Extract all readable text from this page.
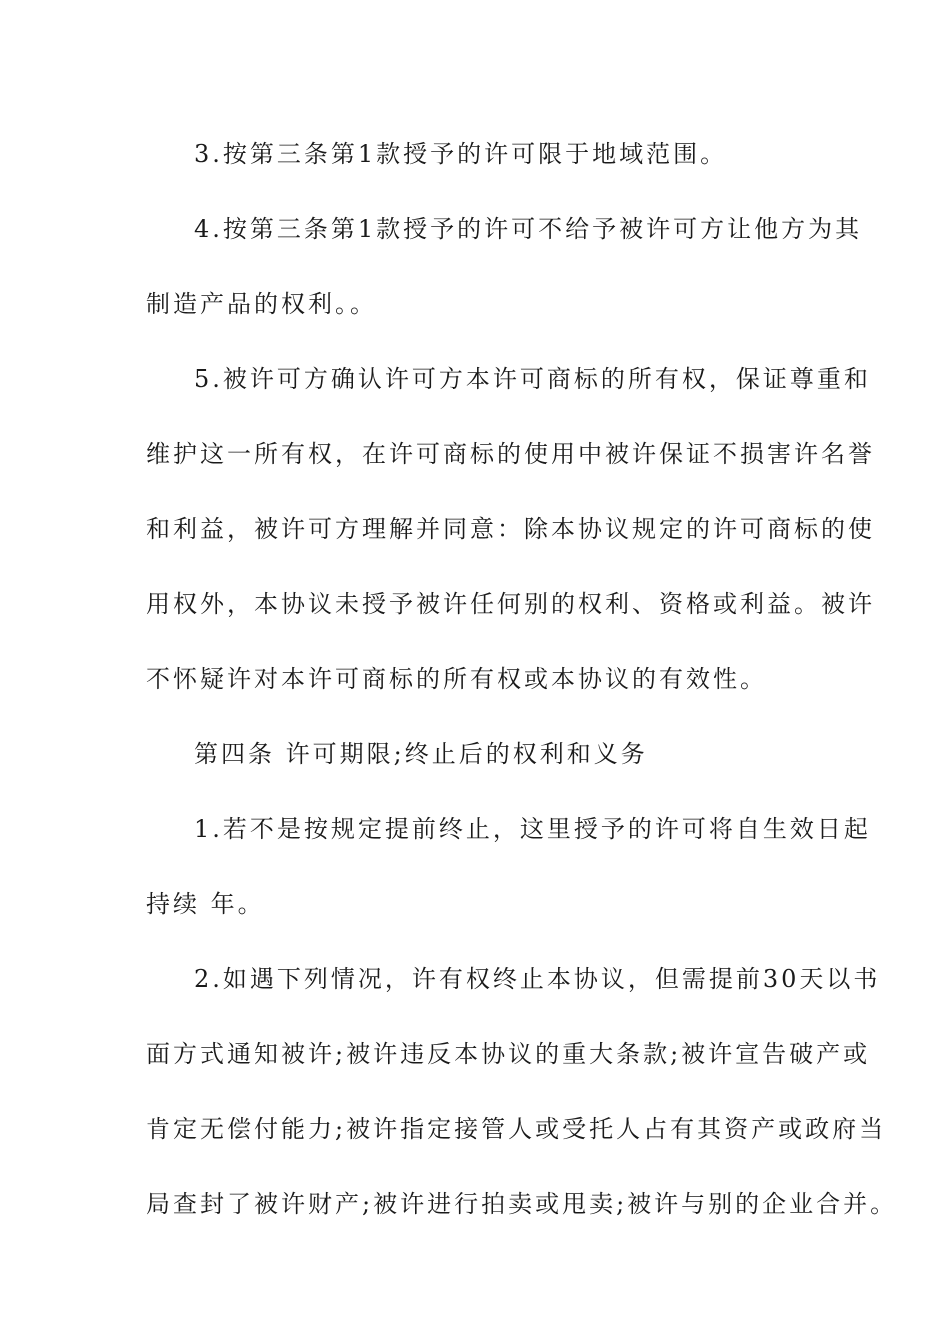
3.按第三条第1款授予的许可限于地域范围。
4.按第三条第1款授予的许可不给予被许可方让他方为其
制造产品的权利。。
5.被许可方确认许可方本许可商标的所有权，保证尊重和
维护这一所有权，在许可商标的使用中被许保证不损害许名誉
和利益，被许可方理解并同意：除本协议规定的许可商标的使
用权外，本协议未授予被许任何别的权利、资格或利益。被许
不怀疑许对本许可商标的所有权或本协议的有效性。
第四条 许可期限;终止后的权利和义务
1.若不是按规定提前终止，这里授予的许可将自生效日起
持续 年。
2.如遇下列情况，许有权终止本协议，但需提前30天以书
面方式通知被许;被许违反本协议的重大条款;被许宣告破产或
肯定无偿付能力;被许指定接管人或受托人占有其资产或政府当
局查封了被许财产;被许进行拍卖或甩卖;被许与别的企业合并。
